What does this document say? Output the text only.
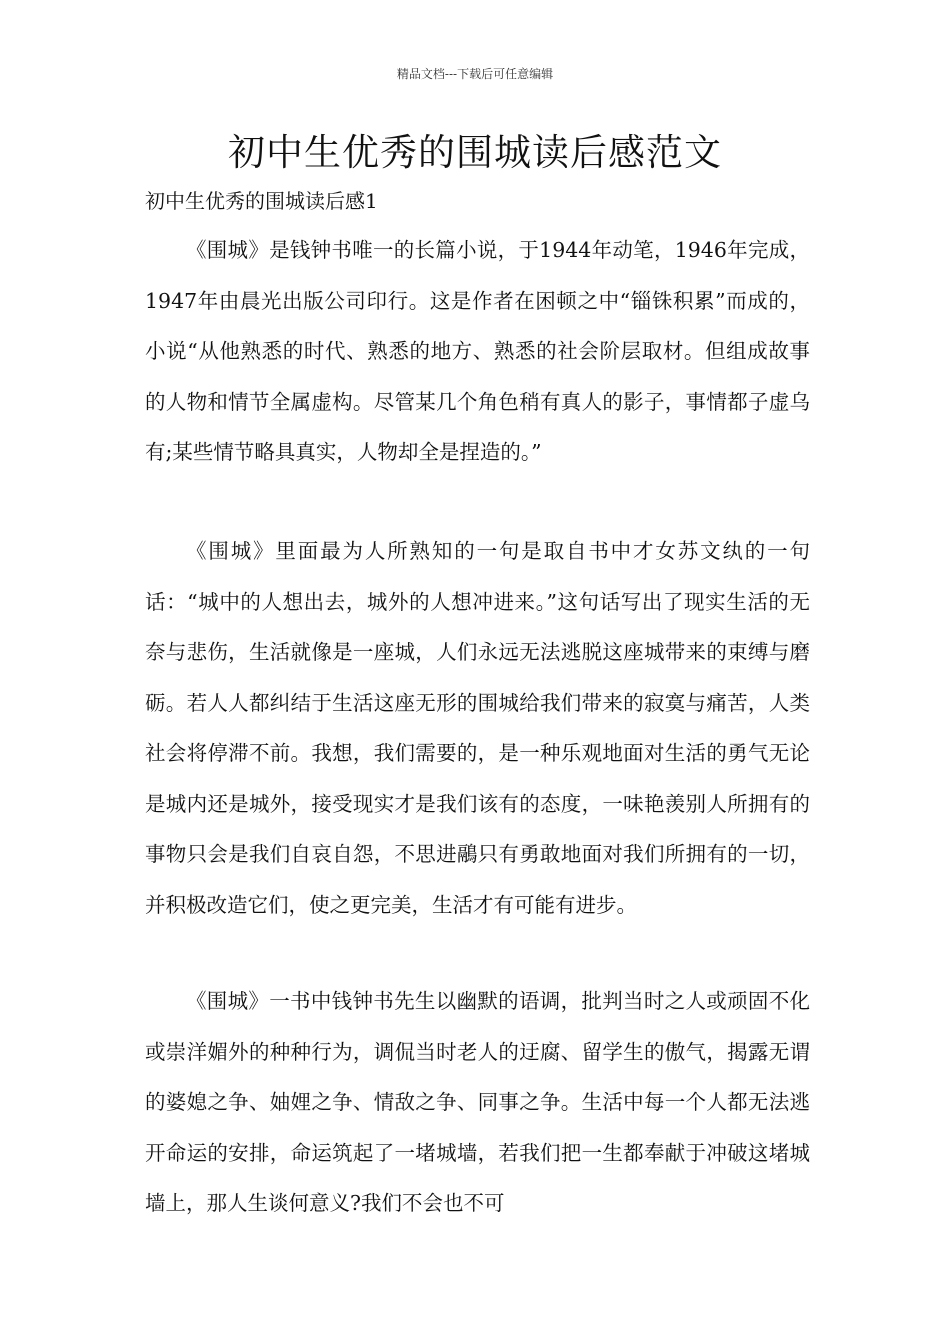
精品文档---下载后可任意编辑
初中生优秀的围城读后感范文

初中生优秀的围城读后感1

《围城》是钱钟书唯一的长篇小说，于1944年动笔，1946年完成，1947年由晨光出版公司印行。这是作者在困顿之中“锱铢积累”而成的，小说“从他熟悉的时代、熟悉的地方、熟悉的社会阶层取材。但组成故事的人物和情节全属虚构。尽管某几个角色稍有真人的影子，事情都子虚乌有;某些情节略具真实，人物却全是捏造的。”

《围城》里面最为人所熟知的一句是取自书中才女苏文纨的一句话：“城中的人想出去，城外的人想冲进来。”这句话写出了现实生活的无奈与悲伤，生活就像是一座城，人们永远无法逃脱这座城带来的束缚与磨砺。若人人都纠结于生活这座无形的围城给我们带来的寂寞与痛苦，人类社会将停滞不前。我想，我们需要的，是一种乐观地面对生活的勇气无论是城内还是城外，接受现实才是我们该有的态度，一味艳羡别人所拥有的事物只会是我们自哀自怨，不思进鷊只有勇敢地面对我们所拥有的一切，并积极改造它们，使之更完美，生活才有可能有进步。

《围城》一书中钱钟书先生以幽默的语调，批判当时之人或顽固不化或崇洋媚外的种种行为，调侃当时老人的迂腐、留学生的傲气，揭露无谓的婆媳之争、妯娌之争、情敌之争、同事之争。生活中每一个人都无法逃开命运的安排，命运筑起了一堵城墙，若我们把一生都奉献于冲破这堵城墙上，那人生谈何意义?我们不会也不可
